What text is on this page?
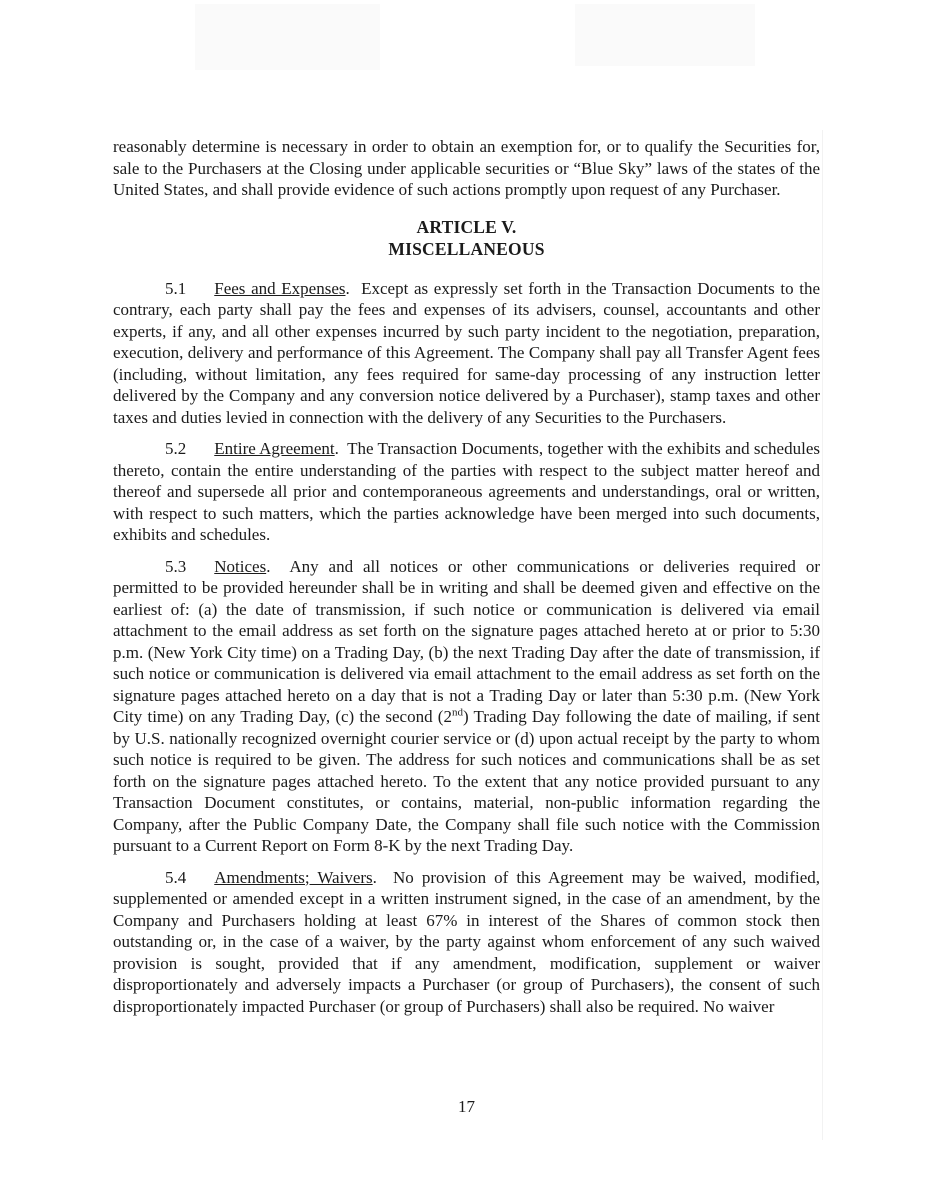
reasonably determine is necessary in order to obtain an exemption for, or to qualify the Securities for, sale to the Purchasers at the Closing under applicable securities or “Blue Sky” laws of the states of the United States, and shall provide evidence of such actions promptly upon request of any Purchaser.

ARTICLE V.
MISCELLANEOUS

5.1 Fees and Expenses.  Except as expressly set forth in the Transaction Documents to the contrary, each party shall pay the fees and expenses of its advisers, counsel, accountants and other experts, if any, and all other expenses incurred by such party incident to the negotiation, preparation, execution, delivery and performance of this Agreement. The Company shall pay all Transfer Agent fees (including, without limitation, any fees required for same-day processing of any instruction letter delivered by the Company and any conversion notice delivered by a Purchaser), stamp taxes and other taxes and duties levied in connection with the delivery of any Securities to the Purchasers.

5.2 Entire Agreement.  The Transaction Documents, together with the exhibits and schedules thereto, contain the entire understanding of the parties with respect to the subject matter hereof and thereof and supersede all prior and contemporaneous agreements and understandings, oral or written, with respect to such matters, which the parties acknowledge have been merged into such documents, exhibits and schedules.

5.3 Notices.  Any and all notices or other communications or deliveries required or permitted to be provided hereunder shall be in writing and shall be deemed given and effective on the earliest of: (a) the date of transmission, if such notice or communication is delivered via email attachment to the email address as set forth on the signature pages attached hereto at or prior to 5:30 p.m. (New York City time) on a Trading Day, (b) the next Trading Day after the date of transmission, if such notice or communication is delivered via email attachment to the email address as set forth on the signature pages attached hereto on a day that is not a Trading Day or later than 5:30 p.m. (New York City time) on any Trading Day, (c) the second (2nd) Trading Day following the date of mailing, if sent by U.S. nationally recognized overnight courier service or (d) upon actual receipt by the party to whom such notice is required to be given. The address for such notices and communications shall be as set forth on the signature pages attached hereto. To the extent that any notice provided pursuant to any Transaction Document constitutes, or contains, material, non-public information regarding the Company, after the Public Company Date, the Company shall file such notice with the Commission pursuant to a Current Report on Form 8-K by the next Trading Day.

5.4 Amendments; Waivers.  No provision of this Agreement may be waived, modified, supplemented or amended except in a written instrument signed, in the case of an amendment, by the Company and Purchasers holding at least 67% in interest of the Shares of common stock then outstanding or, in the case of a waiver, by the party against whom enforcement of any such waived provision is sought, provided that if any amendment, modification, supplement or waiver disproportionately and adversely impacts a Purchaser (or group of Purchasers), the consent of such disproportionately impacted Purchaser (or group of Purchasers) shall also be required. No waiver

17
